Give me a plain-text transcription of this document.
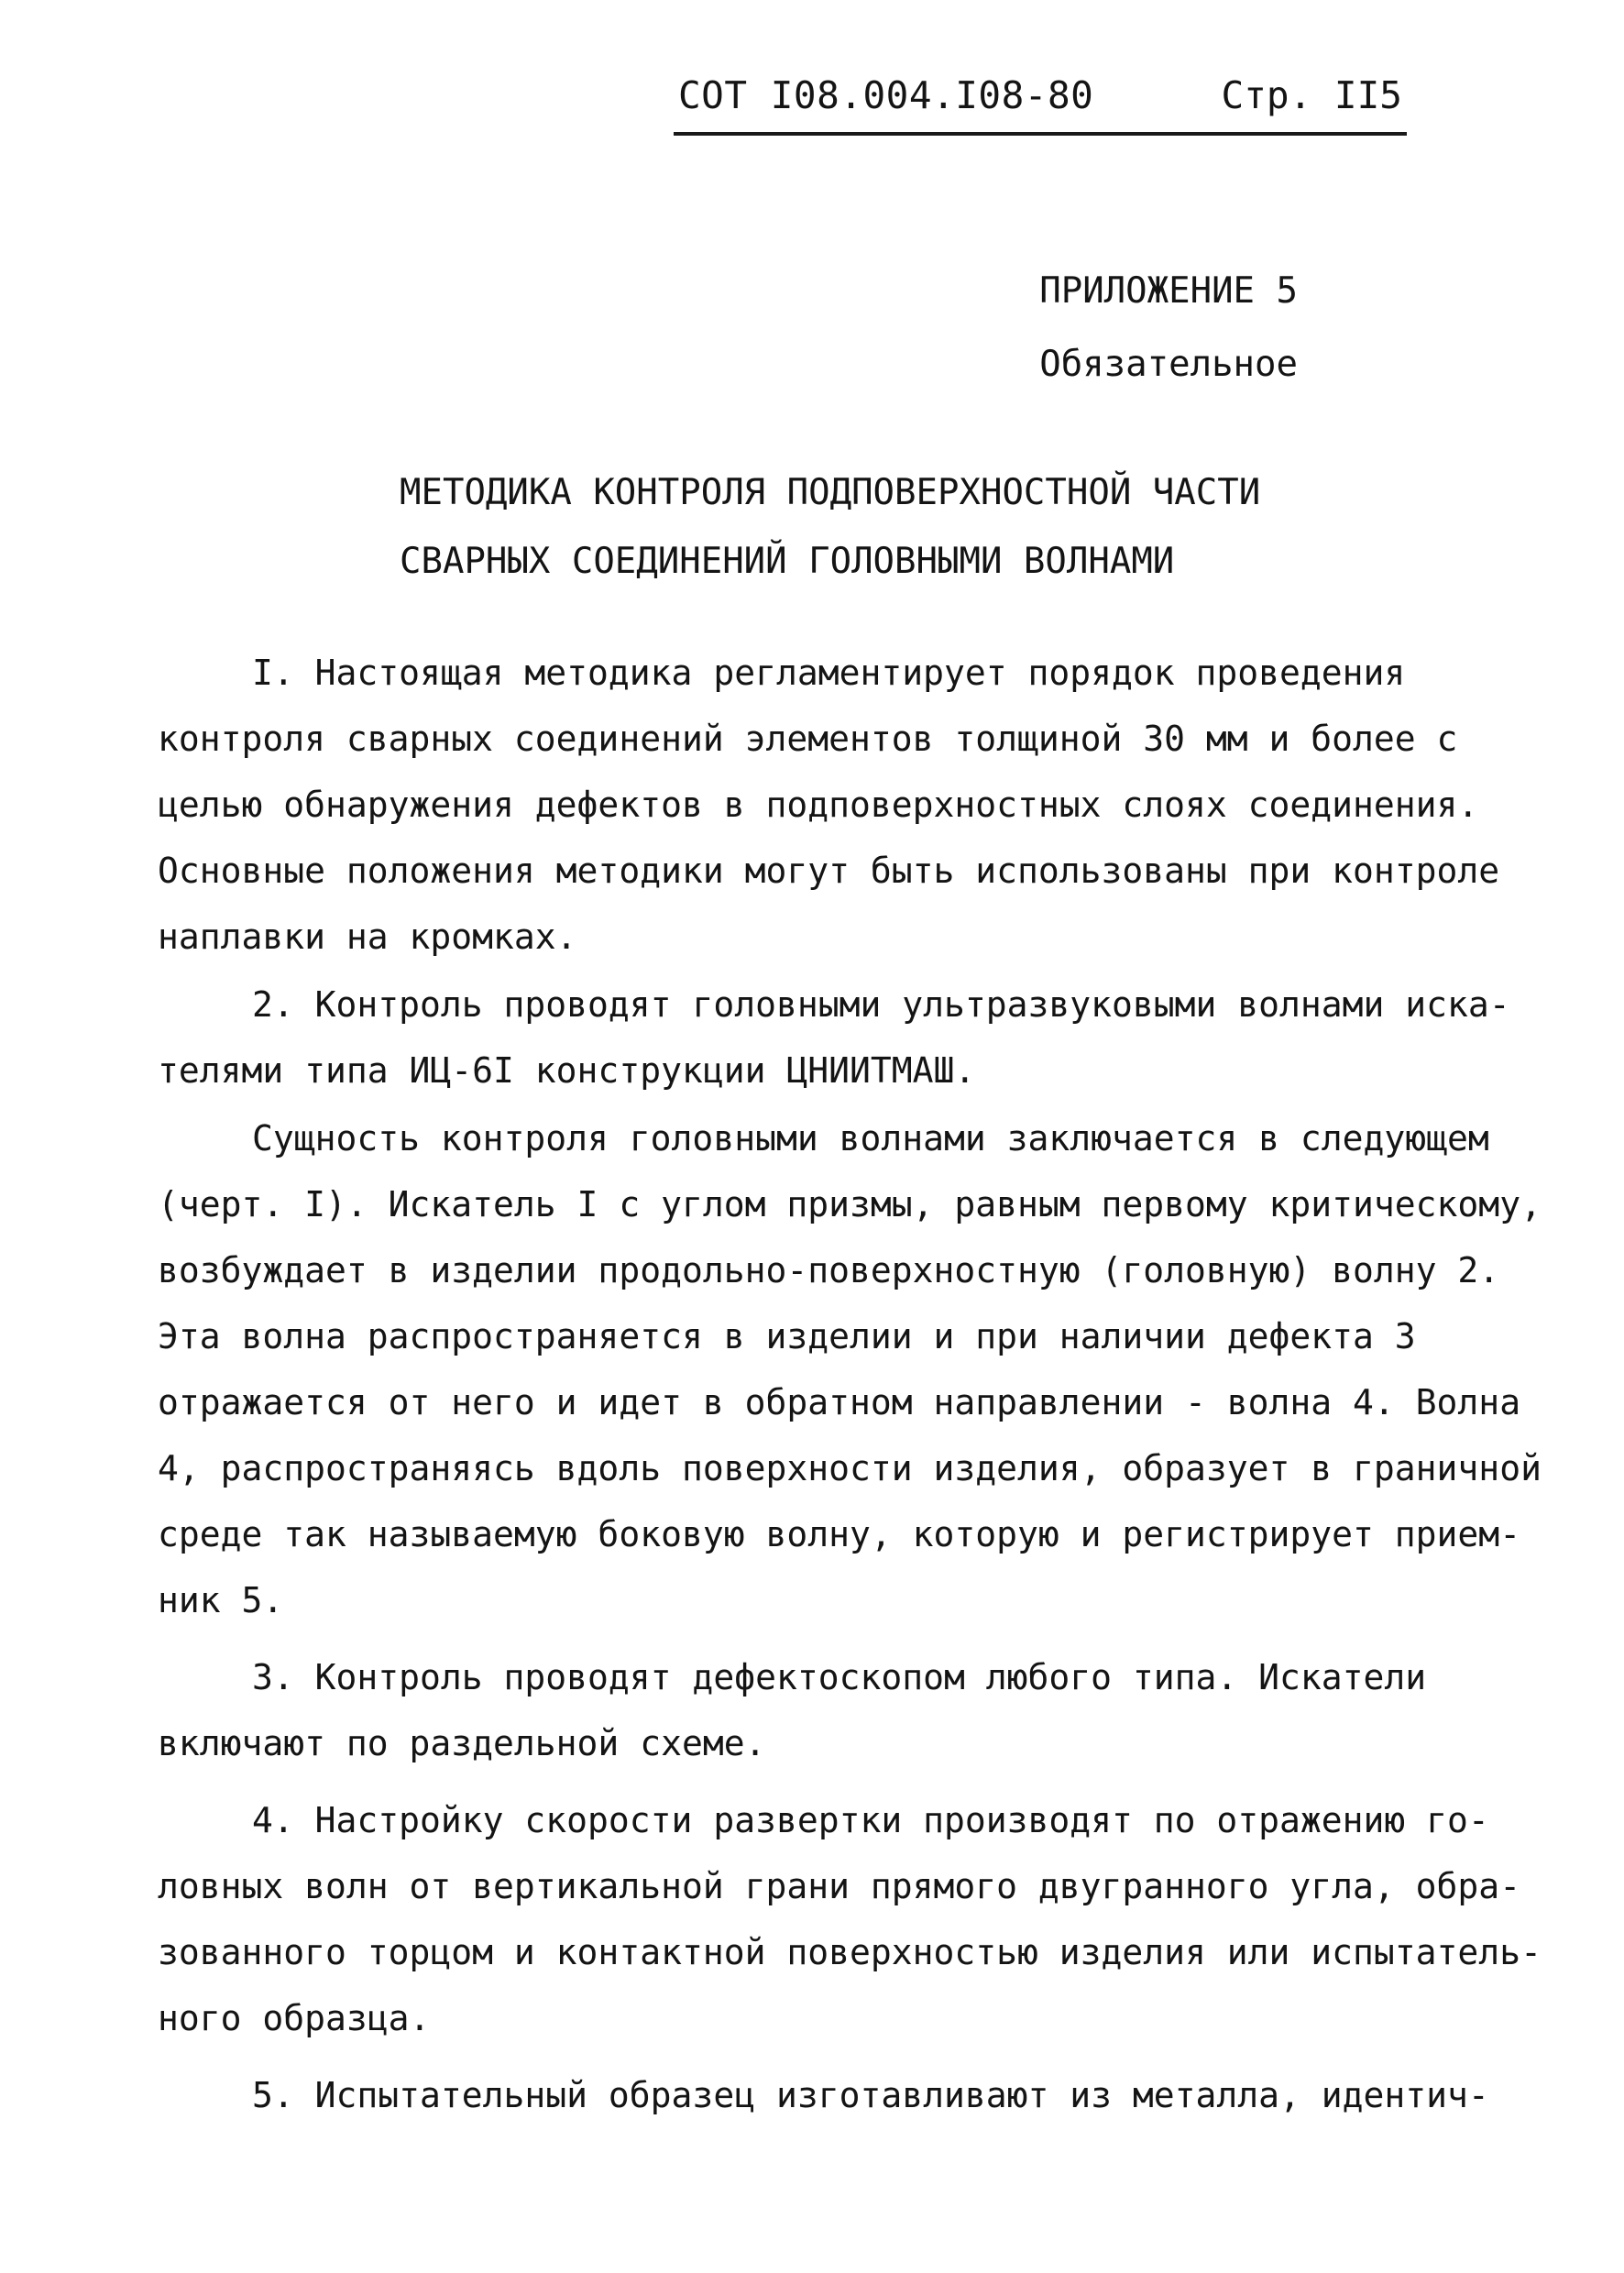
СОТ I08.004.I08-80	Стр. II5
ПРИЛОЖЕНИЕ 5
Обязательное
МЕТОДИКА КОНТРОЛЯ ПОДПОВЕРХНОСТНОЙ ЧАСТИ
СВАРНЫХ СОЕДИНЕНИЙ ГОЛОВНЫМИ ВОЛНАМИ
I. Настоящая методика регламентирует порядок проведения
контроля сварных соединений элементов толщиной 30 мм и более с
целью обнаружения дефектов в подповерхностных слоях соединения.
Основные положения методики могут быть использованы при контроле
наплавки на кромках.
2. Контроль проводят головными ультразвуковыми волнами иска-
телями типа ИЦ-6I конструкции ЦНИИТМАШ.
Сущность контроля головными волнами заключается в следующем
(черт. I). Искатель I с углом призмы, равным первому критическому,
возбуждает в изделии продольно-поверхностную (головную) волну 2.
Эта волна распространяется в изделии и при наличии дефекта 3
отражается от него и идет в обратном направлении - волна 4. Волна
4, распространяясь вдоль поверхности изделия, образует в граничной
среде так называемую боковую волну, которую и регистрирует прием-
ник 5.
3. Контроль проводят дефектоскопом любого типа. Искатели
включают по раздельной схеме.
4. Настройку скорости развертки производят по отражению го-
ловных волн от вертикальной грани прямого двугранного угла, обра-
зованного торцом и контактной поверхностью изделия или испытатель-
ного образца.
5. Испытательный образец изготавливают из металла, идентич-
